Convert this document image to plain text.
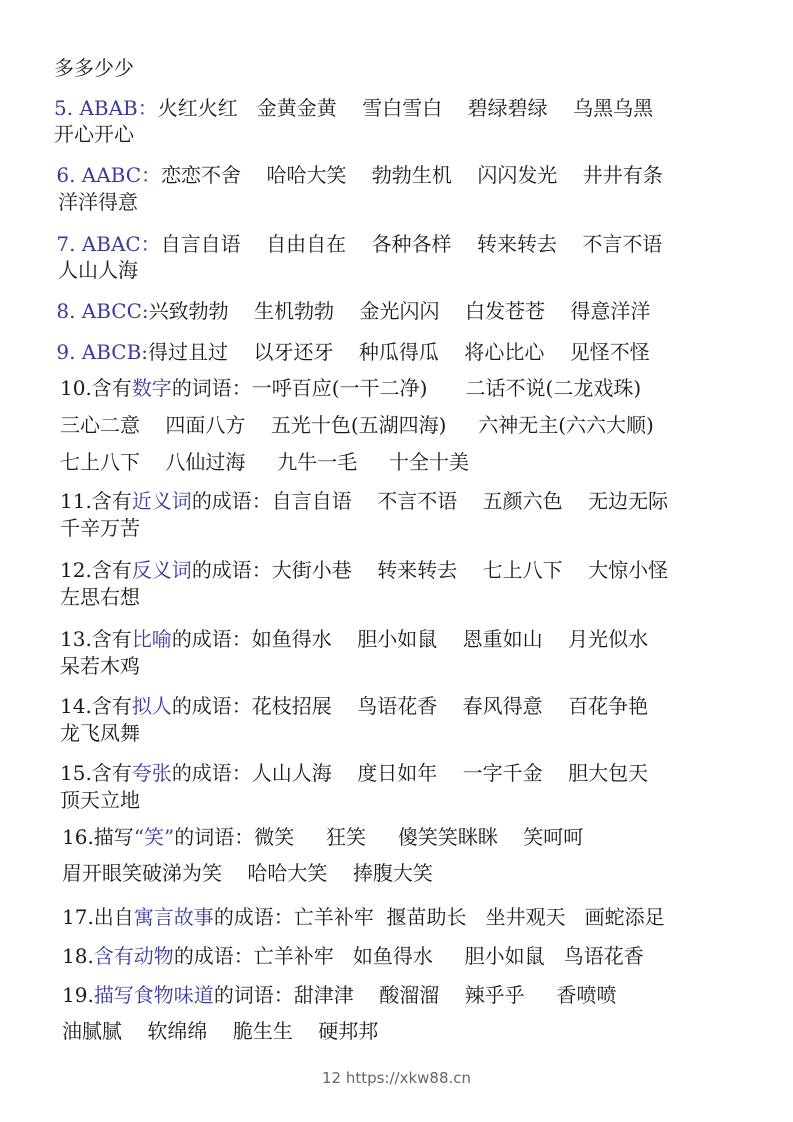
多多少少
5. ABAB：火红火红   金黄金黄    雪白雪白    碧绿碧绿    乌黑乌黑
开心开心
6. AABC：恋恋不舍    哈哈大笑    勃勃生机    闪闪发光    井井有条
洋洋得意
7. ABAC：自言自语    自由自在    各种各样    转来转去    不言不语
人山人海
8. ABCC:兴致勃勃    生机勃勃    金光闪闪    白发苍苍    得意洋洋
9. ABCB:得过且过    以牙还牙    种瓜得瓜    将心比心    见怪不怪
10.含有数字的词语：一呼百应(一干二净)      二话不说(二龙戏珠)
三心二意    四面八方    五光十色(五湖四海)     六神无主(六六大顺)
七上八下    八仙过海     九牛一毛     十全十美
11.含有近义词的成语：自言自语    不言不语    五颜六色    无边无际
千辛万苦
12.含有反义词的成语：大街小巷    转来转去    七上八下    大惊小怪
左思右想
13.含有比喻的成语：如鱼得水    胆小如鼠    恩重如山    月光似水
呆若木鸡
14.含有拟人的成语：花枝招展    鸟语花香    春风得意    百花争艳
龙飞凤舞
15.含有夸张的成语：人山人海    度日如年    一字千金    胆大包天
顶天立地
16.描写“笑”的词语：微笑     狂笑     傻笑笑眯眯    笑呵呵
眉开眼笑破涕为笑    哈哈大笑    捧腹大笑
17.出自寓言故事的成语：亡羊补牢  揠苗助长   坐井观天   画蛇添足
18.含有动物的成语：亡羊补牢   如鱼得水     胆小如鼠   鸟语花香
19.描写食物味道的词语：甜津津    酸溜溜    辣乎乎     香喷喷
油腻腻    软绵绵    脆生生    硬邦邦
12 https://xkw88.cn
